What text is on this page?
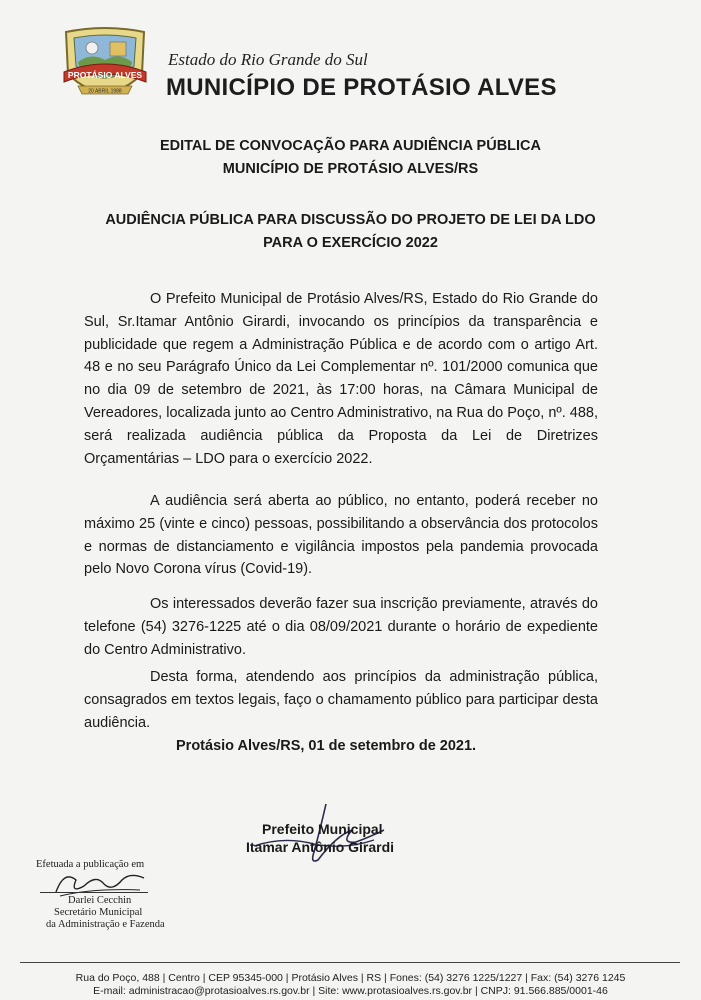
PROTÁSIO ALVES
20 ABRIL 1988
Estado do Rio Grande do Sul
MUNICÍPIO DE PROTÁSIO ALVES
EDITAL DE CONVOCAÇÃO PARA AUDIÊNCIA PÚBLICA
MUNICÍPIO DE PROTÁSIO ALVES/RS
AUDIÊNCIA PÚBLICA PARA DISCUSSÃO DO PROJETO DE LEI DA LDO
PARA O EXERCÍCIO 2022

O Prefeito Municipal de Protásio Alves/RS, Estado do Rio Grande do Sul, Sr.Itamar Antônio Girardi, invocando os princípios da transparência e publicidade que regem a Administração Pública e de acordo com o artigo Art. 48 e no seu Parágrafo Único da Lei Complementar nº. 101/2000 comunica que no dia 09 de setembro de 2021, às 17:00 horas, na Câmara Municipal de Vereadores, localizada junto ao Centro Administrativo, na Rua do Poço, nº. 488, será realizada audiência pública da Proposta da Lei de Diretrizes Orçamentárias – LDO para o exercício 2022.

A audiência será aberta ao público, no entanto, poderá receber no máximo 25 (vinte e cinco) pessoas, possibilitando a observância dos protocolos e normas de distanciamento e vigilância impostos pela pandemia provocada pelo Novo Corona vírus (Covid-19).

Os interessados deverão fazer sua inscrição previamente, através do telefone (54) 3276-1225 até o dia 08/09/2021 durante o horário de expediente do Centro Administrativo.

Desta forma, atendendo aos princípios da administração pública, consagrados em textos legais, faço o chamamento público para participar desta audiência.

Protásio Alves/RS, 01 de setembro de 2021.
Prefeito Municipal
Itamar Antônio Girardi
Efetuada a publicação em
Darlei Cecchin
Secretário Municipal
da Administração e Fazenda
Rua do Poço, 488 | Centro | CEP 95345-000 | Protásio Alves | RS | Fones: (54) 3276 1225/1227 | Fax: (54) 3276 1245
E-mail: administracao@protasioalves.rs.gov.br | Site: www.protasioalves.rs.gov.br | CNPJ: 91.566.885/0001-46
